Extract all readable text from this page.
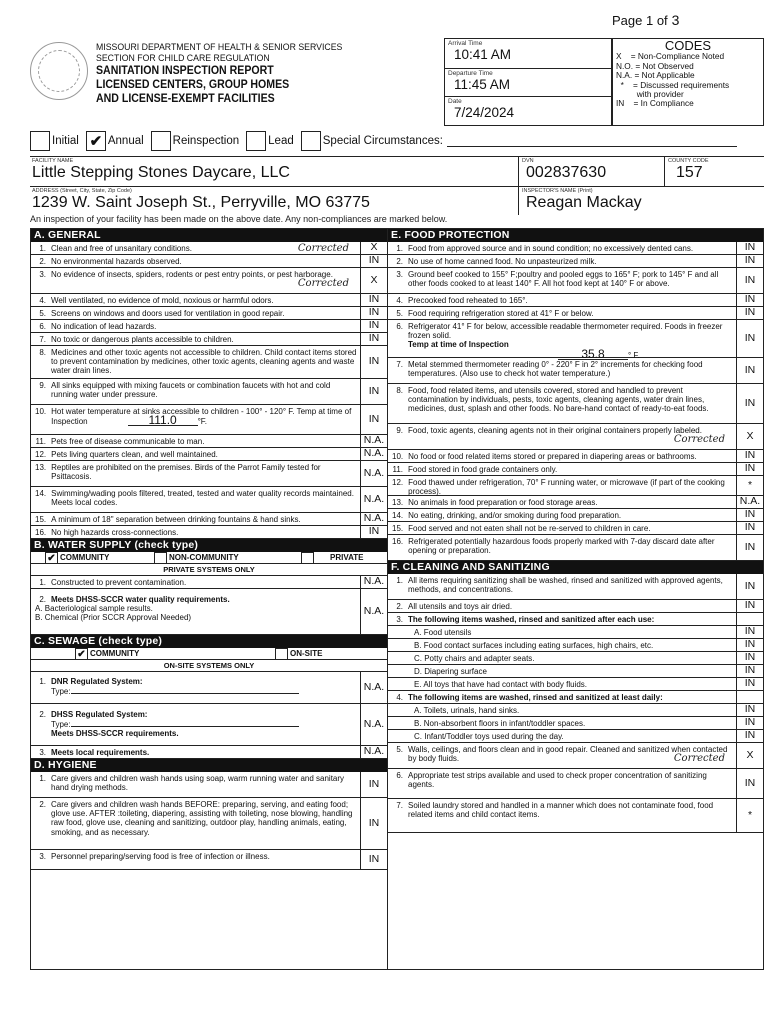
Page 1 of 3
MISSOURI DEPARTMENT OF HEALTH & SENIOR SERVICES
SECTION FOR CHILD CARE REGULATION
SANITATION INSPECTION REPORT
LICENSED CENTERS, GROUP HOMES
AND LICENSE-EXEMPT FACILITIES
Arrival Time
10:41 AM
Departure Time
11:45 AM
Date
7/24/2024
CODES
X    = Non-Compliance Noted
N.O. = Not Observed
N.A. = Not Applicable
*    = Discussed requirements
with provider
IN    = In Compliance
Initial ✔ Annual	Reinspection	Lead	Special Circumstances:
FACILITY NAME
Little Stepping Stones Daycare, LLC
DVN
002837630
COUNTY CODE
157
ADDRESS (Street, City, State, Zip Code)
1239 W. Saint Joseph St., Perryville, MO 63775
INSPECTOR'S NAME (Print)
Reagan Mackay
An inspection of your facility has been made on the above date. Any non-compliances are marked below.
A. GENERAL
1. Clean and free of unsanitary conditions.	Corrected	X
2. No environmental hazards observed.	IN
3. No evidence of insects, spiders, rodents or pest entry points, or pest harborage.
Corrected	X
4. Well ventilated, no evidence of mold, noxious or harmful odors.	IN
5. Screens on windows and doors used for ventilation in good repair.	IN
6. No indication of lead hazards.	IN
7. No toxic or dangerous plants accessible to children.	IN
8. Medicines and other toxic agents not accessible to children. Child contact items stored to prevent contamination by medicines, other toxic agents, cleaning agents and waste water drain lines.
IN
9. All sinks equipped with mixing faucets or combination faucets with hot and cold running water under pressure.	IN
10. Hot water temperature at sinks accessible to children - 100° - 120° F. Temp at time of Inspection	111.0	°F.	IN
11. Pets free of disease communicable to man.	N.A.
12. Pets living quarters clean, and well maintained.	N.A.
13. Reptiles are prohibited on the premises. Birds of the Parrot Family tested for Psittacosis.	N.A.
14. Swimming/wading pools filtered, treated, tested and water quality records maintained. Meets local codes.	N.A.
15. A minimum of 18" separation between drinking fountains & hand sinks.	N.A.
16. No high hazards cross-connections.	IN
B. WATER SUPPLY (check type)
✔ COMMUNITY	NON-COMMUNITY	PRIVATE
PRIVATE SYSTEMS ONLY
1. Constructed to prevent contamination.	N.A.
2. Meets DHSS-SCCR water quality requirements.
A. Bacteriological sample results.
B. Chemical (Prior SCCR Approval Needed)
N.A.
C. SEWAGE (check type)
✔ COMMUNITY	ON-SITE
ON-SITE SYSTEMS ONLY
1. DNR Regulated System:
Type:	N.A.
2. DHSS Regulated System:
Type:
Meets DHSS-SCCR requirements.
N.A.
3. Meets local requirements.	N.A.
D. HYGIENE
1. Care givers and children wash hands using soap, warm running water and sanitary hand drying methods.	IN
2. Care givers and children wash hands BEFORE: preparing, serving, and eating food; glove use. AFTER :toileting, diapering, assisting with toileting, nose blowing, handling raw food, glove use, cleaning and sanitizing, outdoor play, handling animals, eating, smoking, and as necessary.
IN
3. Personnel preparing/serving food is free of infection or illness.	IN
E. FOOD PROTECTION
1. Food from approved source and in sound condition; no excessively dented cans.	IN
2. No use of home canned food. No unpasteurized milk.	IN
3. Ground beef cooked to 155° F;poultry and pooled eggs to 165° F; pork to 145° F and all other foods cooked to at least 140° F. All hot food kept at 140° F or above.	IN
4. Precooked food reheated to 165°.	IN
5. Food requiring refrigeration stored at 41° F or below.	IN
6. Refrigerator 41° F for below, accessible readable thermometer required. Foods in freezer frozen solid.
Temp at time of Inspection
35.8	° F.
IN
7. Metal stemmed thermometer reading 0° - 220° F in 2° increments for checking food temperatures. (Also use to check hot water temperature.)	IN
8. Food, food related items, and utensils covered, stored and handled to prevent contamination by individuals, pests, toxic agents, cleaning agents, water drain lines, medicines, dust, splash and other foods. No bare-hand contact of ready-to-eat foods.
IN
9. Food, toxic agents, cleaning agents not in their original containers properly labeled.
Corrected	X
10. No food or food related items stored or prepared in diapering areas or bathrooms.	IN
11. Food stored in food grade containers only.	IN
12. Food thawed under refrigeration, 70° F running water, or microwave (if part of the cooking process).
*
13. No animals in food preparation or food storage areas.	N.A.
14. No eating, drinking, and/or smoking during food preparation.	IN
15. Food served and not eaten shall not be re-served to children in care.	IN
16. Refrigerated potentially hazardous foods properly marked with 7-day discard date after opening or preparation.	IN
F. CLEANING AND SANITIZING
1. All items requiring sanitizing shall be washed, rinsed and sanitized with approved agents, methods, and concentrations.	IN
2. All utensils and toys air dried.	IN
3. The following items washed, rinsed and sanitized after each use:
A. Food utensils	IN
B. Food contact surfaces including eating surfaces, high chairs, etc.	IN
C. Potty chairs and adapter seats.	IN
D. Diapering surface	IN
E. All toys that have had contact with body fluids.	IN
4. The following items are washed, rinsed and sanitized at least daily:
A. Toilets, urinals, hand sinks.	IN
B. Non-absorbent floors in infant/toddler spaces.	IN
C. Infant/Toddler toys used during the day.	IN
5. Walls, ceilings, and floors clean and in good repair. Cleaned and sanitized when contacted by body fluids.	Corrected	X
6. Appropriate test strips available and used to check proper concentration of sanitizing agents.	IN
7. Soiled laundry stored and handled in a manner which does not contaminate food, food related items and child contact items.	*
